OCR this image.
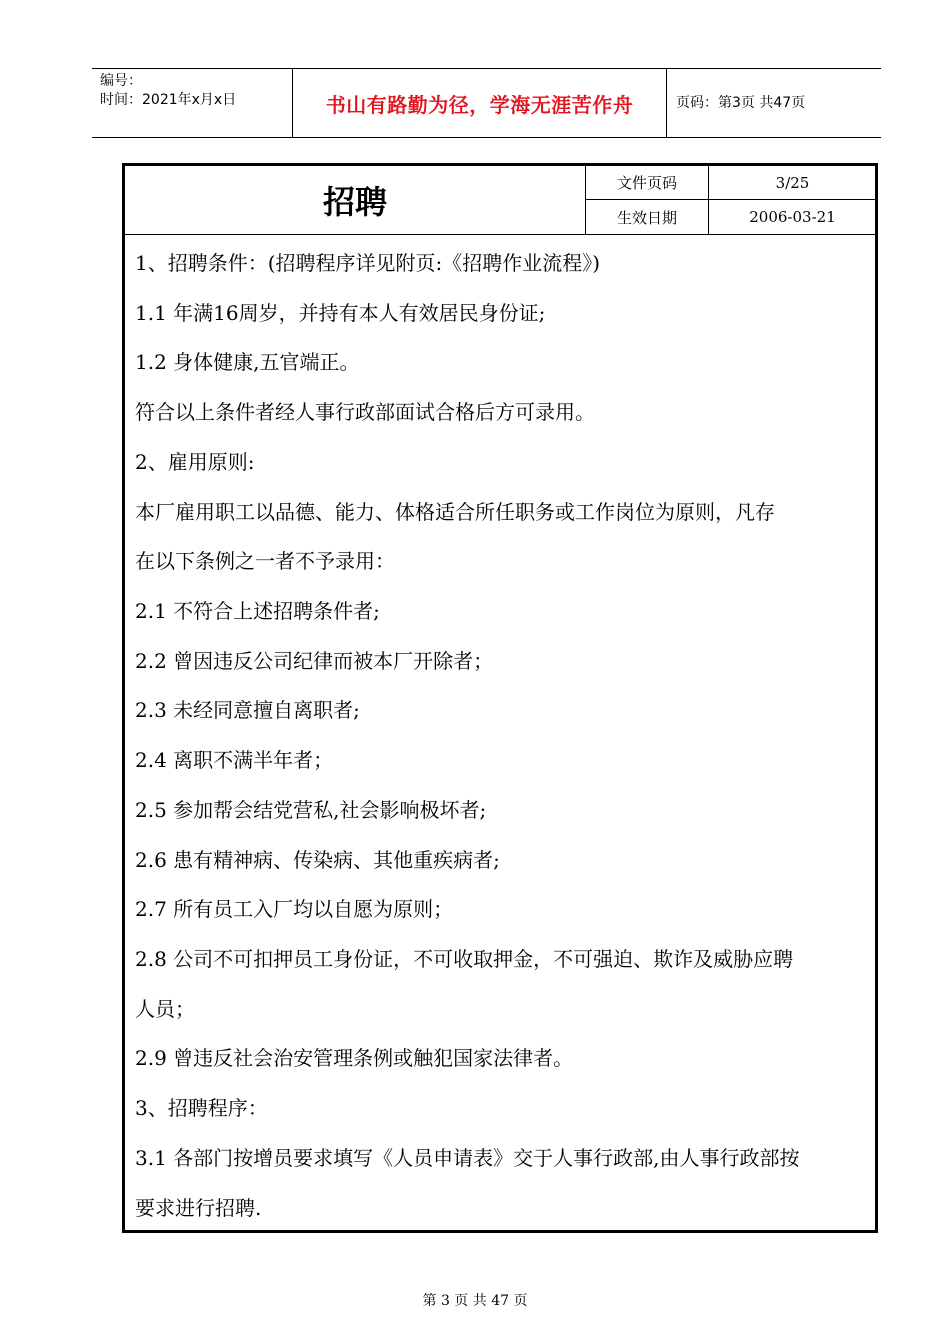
编号：
时间：2021年x月x日	书山有路勤为径，学海无涯苦作舟	页码：第3页 共47页
招聘	文件页码	3/25
生效日期	2006-03-21
1、招聘条件：(招聘程序详见附页:《招聘作业流程》)
1.1 年满16周岁，并持有本人有效居民身份证;
1.2 身体健康,五官端正。
符合以上条件者经人事行政部面试合格后方可录用。
2、雇用原则:
本厂雇用职工以品德、能力、体格适合所任职务或工作岗位为原则，凡存
在以下条例之一者不予录用：
2.1 不符合上述招聘条件者;
2.2 曾因违反公司纪律而被本厂开除者；
2.3 未经同意擅自离职者;
2.4 离职不满半年者；
2.5 参加帮会结党营私,社会影响极坏者;
2.6 患有精神病、传染病、其他重疾病者;
2.7 所有员工入厂均以自愿为原则；
2.8 公司不可扣押员工身份证，不可收取押金，不可强迫、欺诈及威胁应聘
人员；
2.9 曾违反社会治安管理条例或触犯国家法律者。
3、招聘程序：
3.1 各部门按增员要求填写《人员申请表》交于人事行政部,由人事行政部按
要求进行招聘.
第 3 页 共 47 页
